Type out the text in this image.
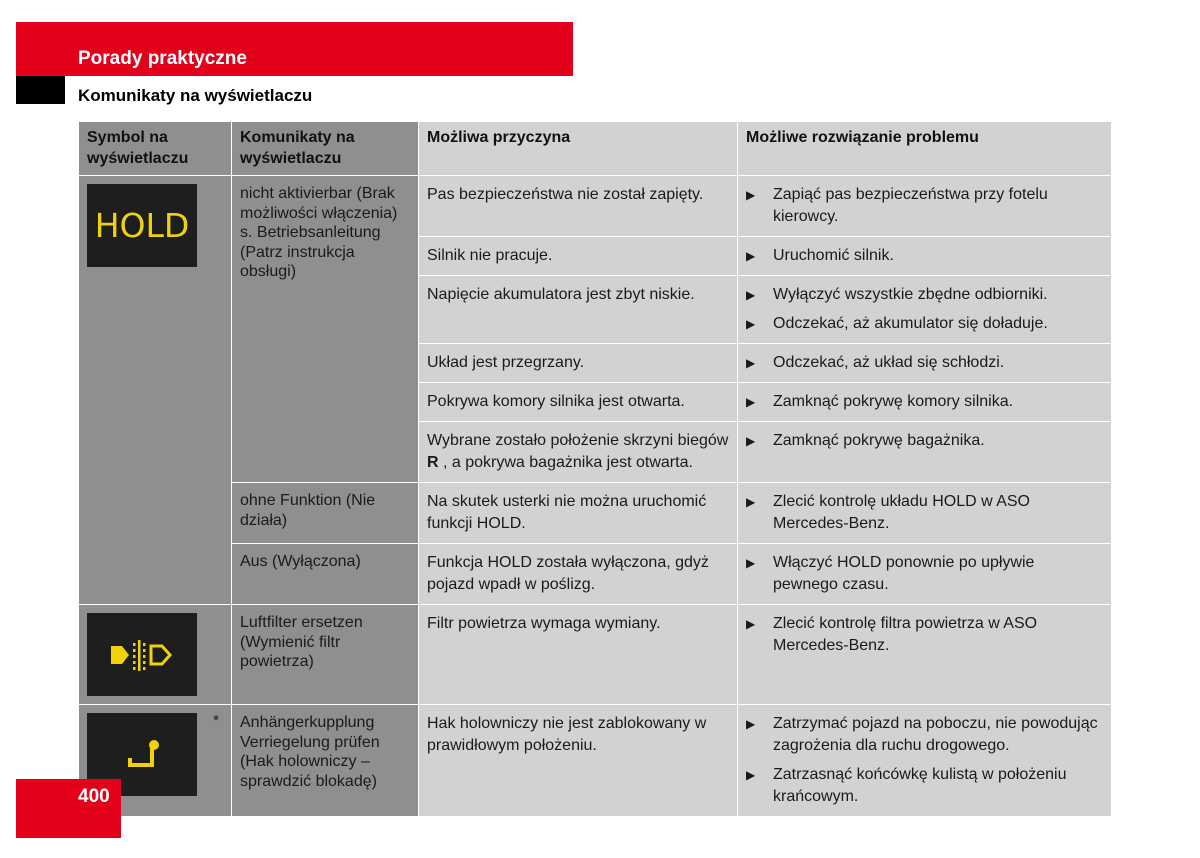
Porady praktyczne
Komunikaty na wyświetlaczu
Symbol na wyświetlaczu	Komunikaty na wyświetlaczu	Możliwa przyczyna	Możliwe rozwiązanie problemu

HOLD	nicht aktivierbar (Brak możliwości włączenia) s. Betriebsanleitung (Patrz instrukcja obsługi)	Pas bezpieczeństwa nie został zapięty.	▶ Zapiąć pas bezpieczeństwa przy fotelu kierowcy.

		Silnik nie pracuje.	▶ Uruchomić silnik.

		Napięcie akumulatora jest zbyt niskie.	▶ Wyłączyć wszystkie zbędne odbiorniki.
▶ Odczekać, aż akumulator się doładuje.

		Układ jest przegrzany.	▶ Odczekać, aż układ się schłodzi.

		Pokrywa komory silnika jest otwarta.	▶ Zamknąć pokrywę komory silnika.

		Wybrane zostało położenie skrzyni biegów R , a pokrywa bagażnika jest otwarta.	▶ Zamknąć pokrywę bagażnika.

	ohne Funktion (Nie działa)	Na skutek usterki nie można uruchomić funkcji HOLD.	▶ Zlecić kontrolę układu HOLD w ASO Mercedes-Benz.

	Aus (Wyłączona)	Funkcja HOLD została wyłączona, gdyż pojazd wpadł w poślizg.	▶ Włączyć HOLD ponownie po upływie pewnego czasu.

	Luftfilter ersetzen (Wymienić filtr powietrza)	Filtr powietrza wymaga wymiany.	▶ Zlecić kontrolę filtra powietrza w ASO Mercedes-Benz.

*	Anhängerkupplung Verriegelung prüfen (Hak holowniczy – sprawdzić blokadę)	Hak holowniczy nie jest zablokowany w prawidłowym położeniu.	▶ Zatrzymać pojazd na poboczu, nie powodując zagrożenia dla ruchu drogowego.
▶ Zatrzasnąć końcówkę kulistą w położeniu krańcowym.
400
